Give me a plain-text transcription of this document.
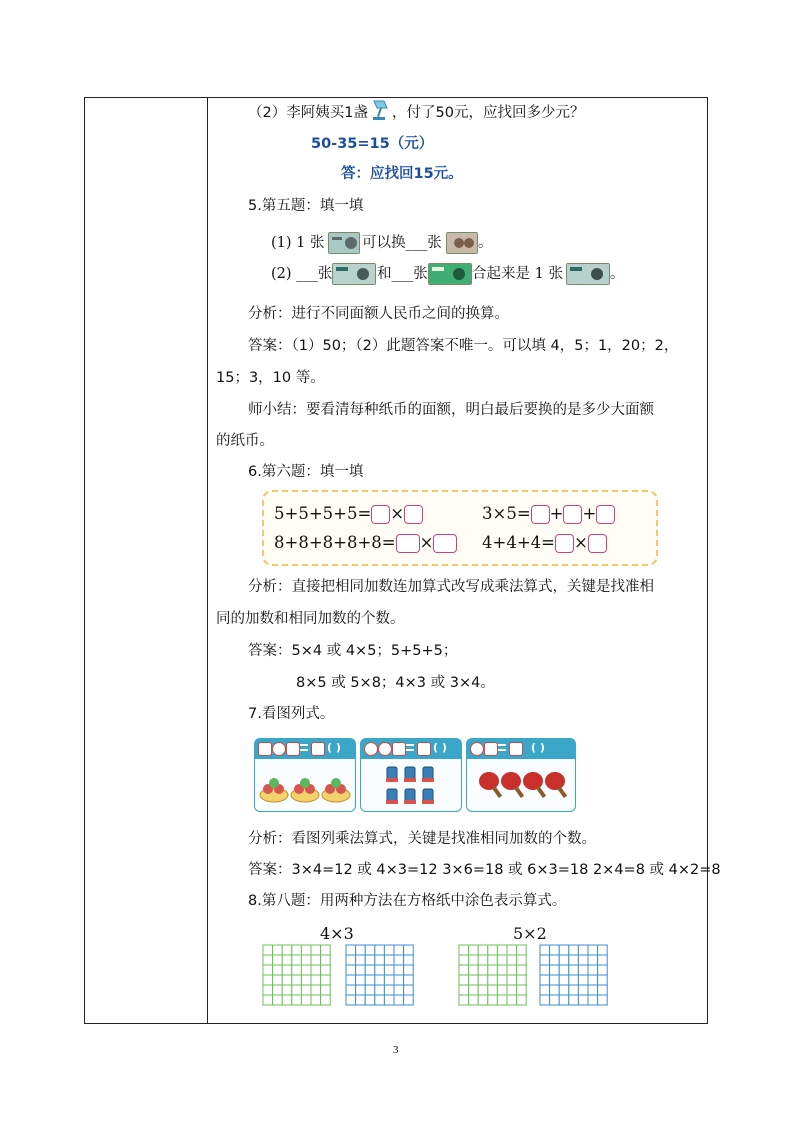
（2）李阿姨买1盏 ，付了50元，应找回多少元？
50-35=15（元）
答：应找回15元。
5.第五题：填一填
(1) 1 张	可以换___张	。
(2) ___张	和___张	合起来是 1 张	。
分析：进行不同面额人民币之间的换算。
答案：（1）50；（2）此题答案不唯一。可以填 4，5；1，20；2，
15；3，10 等。
师小结：要看清每种纸币的面额，明白最后要换的是多少大面额
的纸币。
6.第六题：填一填
5+5+5+5= ×	3×5= + +
8+8+8+8+8= ×	4+4+4= ×
分析：直接把相同加数连加算式改写成乘法算式，关键是找准相
同的加数和相同加数的个数。
答案：5×4 或 4×5；5+5+5；
8×5 或 5×8；4×3 或 3×4。
7.看图列式。
( )	( )	( )
分析：看图列乘法算式，关键是找准相同加数的个数。
答案：3×4=12 或 4×3=12 3×6=18 或 6×3=18 2×4=8 或 4×2=8
8.第八题：用两种方法在方格纸中涂色表示算式。
4×3	5×2
3
